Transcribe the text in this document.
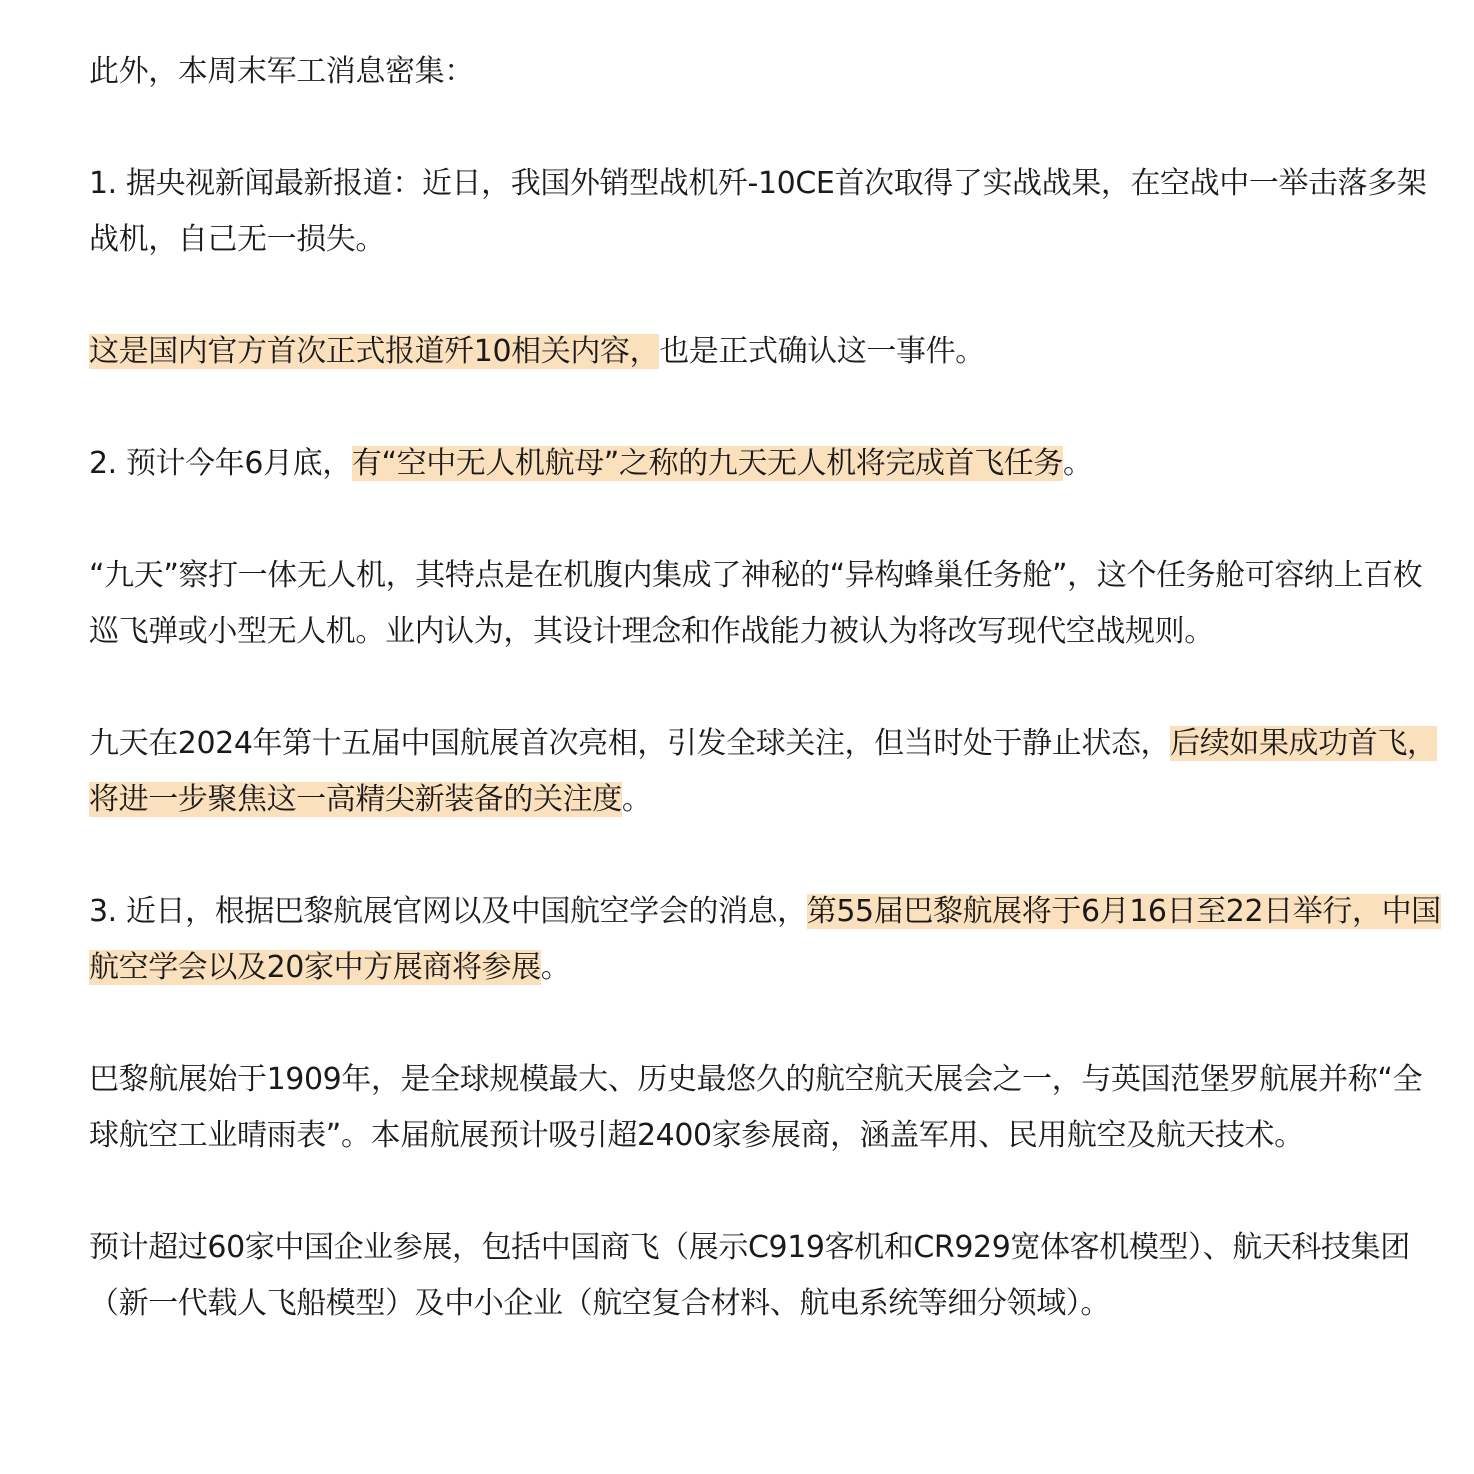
此外，本周末军工消息密集：

1. 据央视新闻最新报道：近日，我国外销型战机歼-10CE首次取得了实战战果，在空战中一举击落多架战机，自己无一损失。

这是国内官方首次正式报道歼10相关内容，也是正式确认这一事件。

2. 预计今年6月底，有“空中无人机航母”之称的九天无人机将完成首飞任务。

“九天”察打一体无人机，其特点是在机腹内集成了神秘的“异构蜂巢任务舱”，这个任务舱可容纳上百枚巡飞弹或小型无人机。业内认为，其设计理念和作战能力被认为将改写现代空战规则。

九天在2024年第十五届中国航展首次亮相，引发全球关注，但当时处于静止状态，后续如果成功首飞，将进一步聚焦这一高精尖新装备的关注度。

3. 近日，根据巴黎航展官网以及中国航空学会的消息，第55届巴黎航展将于6月16日至22日举行，中国航空学会以及20家中方展商将参展。

巴黎航展始于1909年，是全球规模最大、历史最悠久的航空航天展会之一，与英国范堡罗航展并称“全球航空工业晴雨表”。本届航展预计吸引超2400家参展商，涵盖军用、民用航空及航天技术。

预计超过60家中国企业参展，包括中国商飞（展示C919客机和CR929宽体客机模型）、航天科技集团（新一代载人飞船模型）及中小企业（航空复合材料、航电系统等细分领域）。
